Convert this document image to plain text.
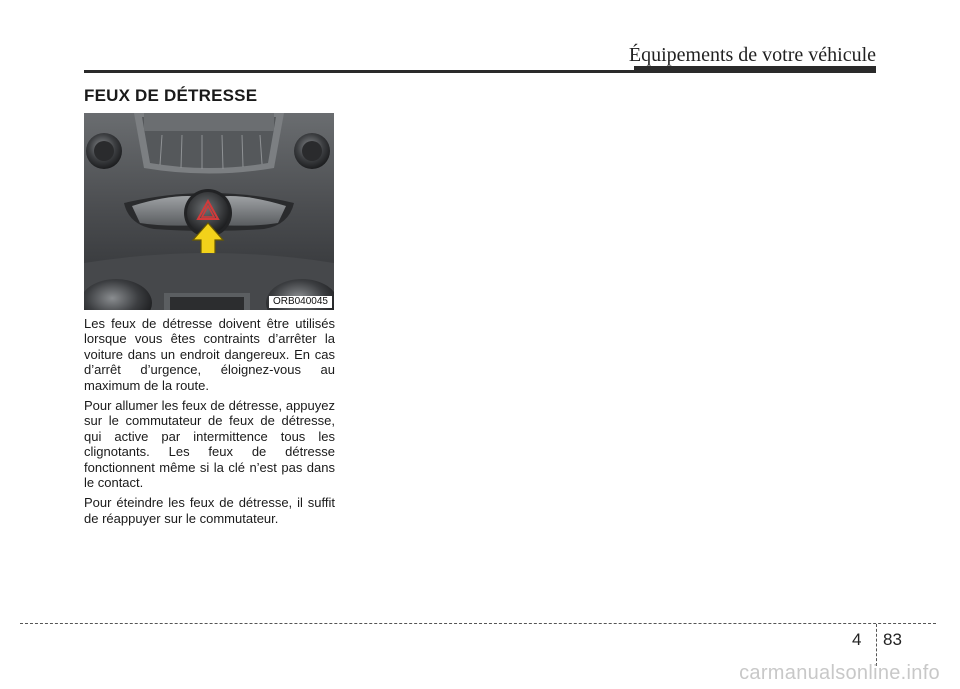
Équipements de votre véhicule
FEUX DE DÉTRESSE
ORB040045

Les feux de détresse doivent être utilisés lorsque vous êtes contraints d’arrêter la voiture dans un endroit dangereux. En cas d’arrêt d’urgence, éloignez-vous au maximum de la route.

Pour allumer les feux de détresse, appuyez sur le commutateur de feux de détresse, qui active par intermittence tous les clignotants. Les feux de détresse fonctionnent même si la clé n’est pas dans le contact.

Pour éteindre les feux de détresse, il suffit de réappuyer sur le commutateur.

4 83
carmanualsonline.info
